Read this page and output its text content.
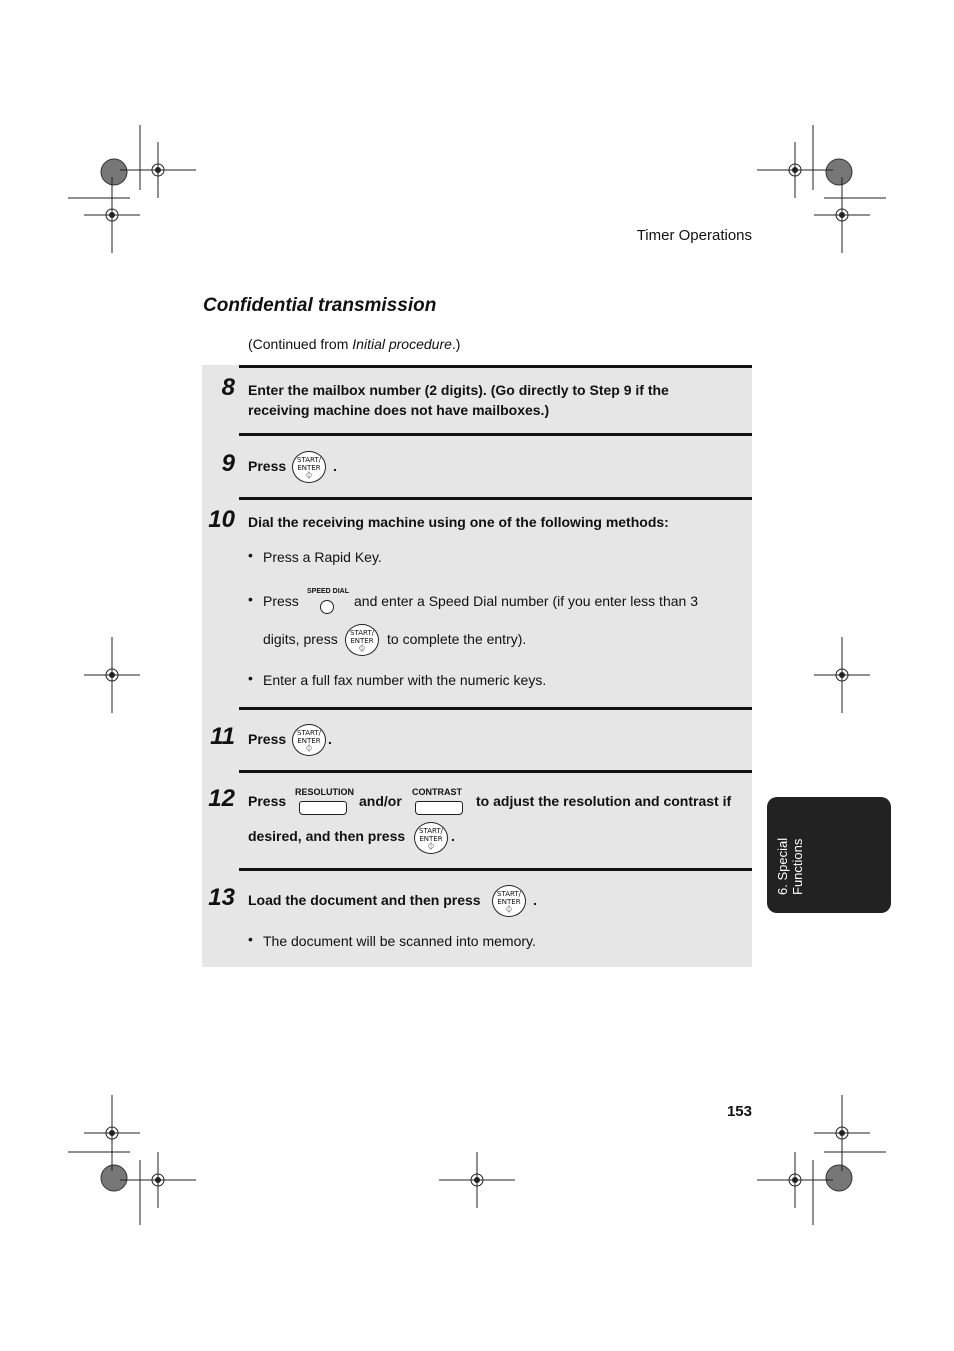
Timer Operations
Confidential transmission
(Continued from Initial procedure.)
8 Enter the mailbox number (2 digits). (Go directly to Step 9 if the
receiving machine does not have mailboxes.)
9 Press	START/
ENTER
⏀
.
10 Dial the receiving machine using one of the following methods:
• Press a Rapid Key.
• Press
SPEED DIAL
and enter a Speed Dial number (if you enter less than 3
digits, press	START/
ENTER
⏀
to complete the entry).
• Enter a full fax number with the numeric keys.
11 Press	START/
ENTER
⏀
.
12 Press
RESOLUTION
and/or
CONTRAST
to adjust the resolution and contrast if
desired, and then press	START/
ENTER
⏀
.
13 Load the document and then press	START/
ENTER
⏀
.
• The document will be scanned into memory.
6. Special Functions
153
